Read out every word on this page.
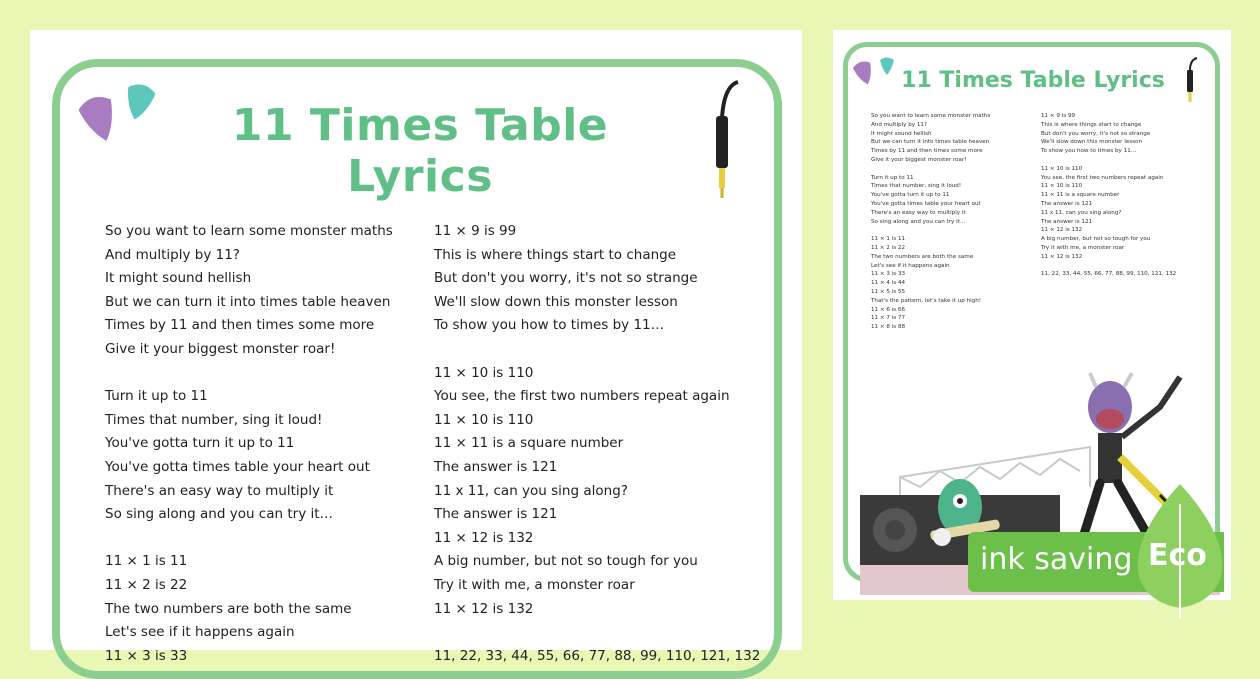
11 Times Table Lyrics
So you want to learn some monster maths
And multiply by 11?
It might sound hellish
But we can turn it into times table heaven
Times by 11 and then times some more
Give it your biggest monster roar!
Turn it up to 11
Times that number, sing it loud!
You've gotta turn it up to 11
You've gotta times table your heart out
There's an easy way to multiply it
So sing along and you can try it…
11 × 1 is 11
11 × 2 is 22
The two numbers are both the same
Let's see if it happens again
11 × 3 is 33
11 × 9 is 99
This is where things start to change
But don't you worry, it's not so strange
We'll slow down this monster lesson
To show you how to times by 11…
11 × 10 is 110
You see, the first two numbers repeat again
11 × 10 is 110
11 × 11 is a square number
The answer is 121
11 x 11, can you sing along?
The answer is 121
11 × 12 is 132
A big number, but not so tough for you
Try it with me, a monster roar
11 × 12 is 132
11, 22, 33, 44, 55, 66, 77, 88, 99, 110, 121, 132
11 Times Table Lyrics
So you want to learn some monster maths
And multiply by 11?
It might sound hellish
But we can turn it into times table heaven
Times by 11 and then times some more
Give it your biggest monster roar!
Turn it up to 11
Times that number, sing it loud!
You've gotta turn it up to 11
You've gotta times table your heart out
There's an easy way to multiply it
So sing along and you can try it…
11 × 1 is 11
11 × 2 is 22
The two numbers are both the same
Let's see if it happens again
11 × 3 is 33
11 × 4 is 44
11 × 5 is 55
That's the pattern, let's take it up high!
11 × 6 is 66
11 × 7 is 77
11 × 8 is 88
11 × 9 is 99
This is where things start to change
But don't you worry, it's not so strange
We'll slow down this monster lesson
To show you how to times by 11…
11 × 10 is 110
You see, the first two numbers repeat again
11 × 10 is 110
11 × 11 is a square number
The answer is 121
11 x 11, can you sing along?
The answer is 121
11 × 12 is 132
A big number, but not so tough for you
Try it with me, a monster roar
11 × 12 is 132
11, 22, 33, 44, 55, 66, 77, 88, 99, 110, 121, 132
ink saving Eco
